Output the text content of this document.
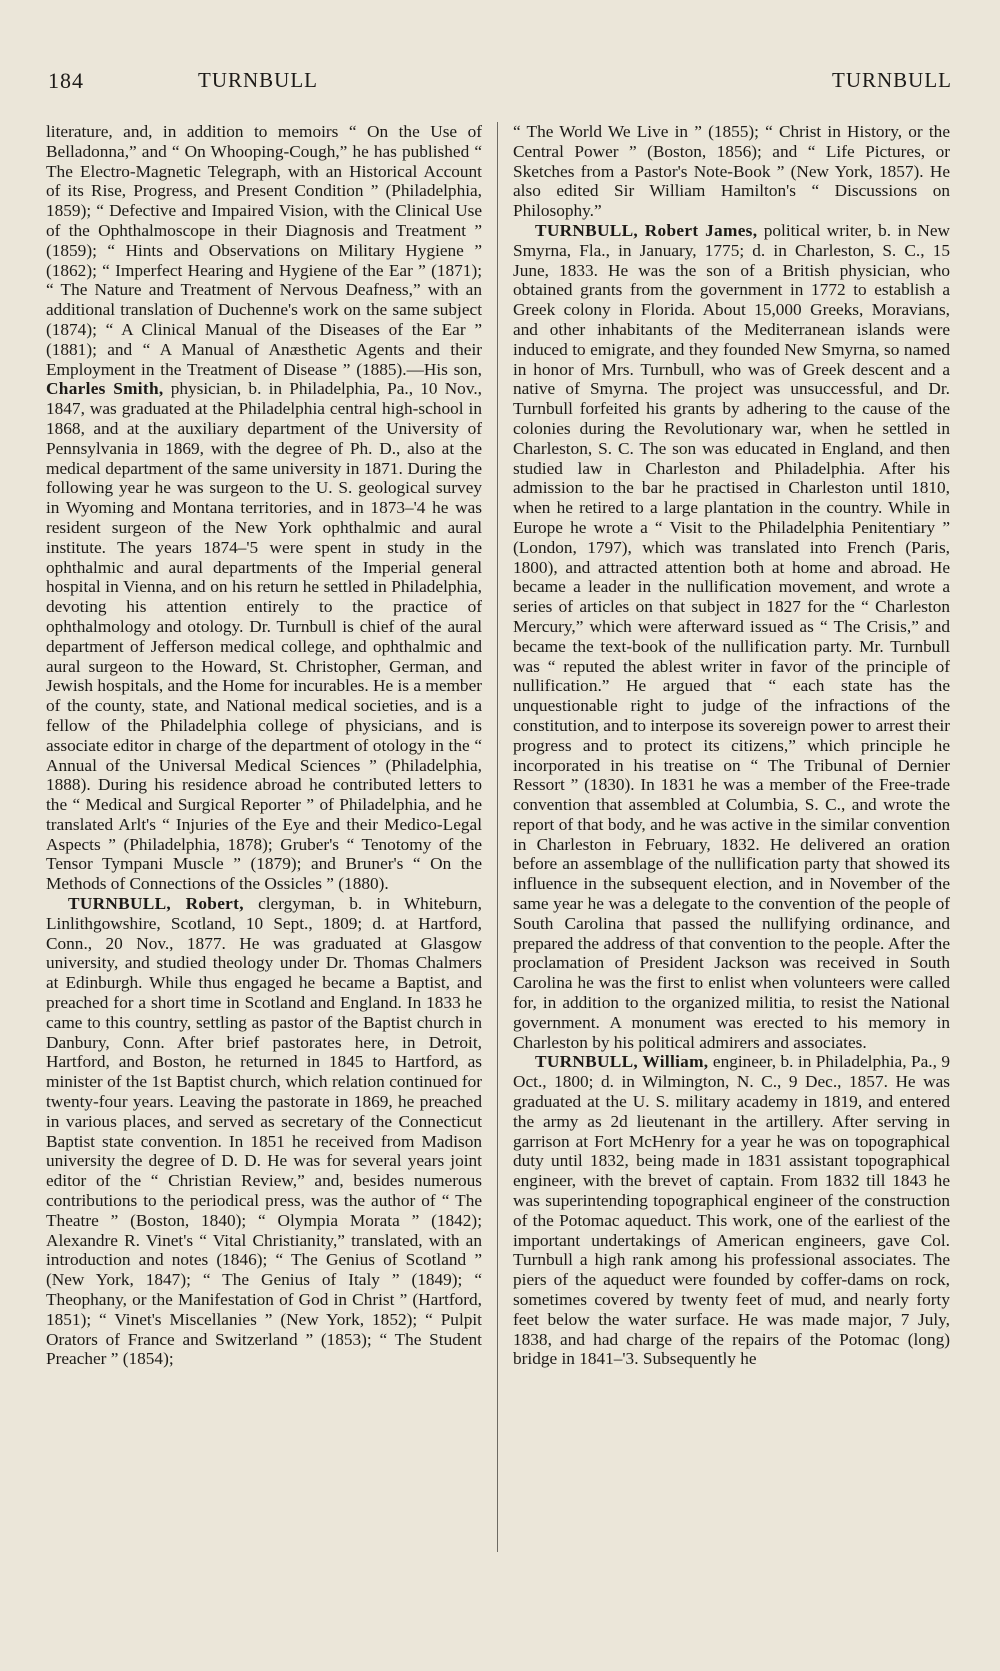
184	TURNBULL	TURNBULL

literature, and, in addition to memoirs “ On the Use of Belladonna,” and “ On Whooping-Cough,” he has published “ The Electro-Magnetic Telegraph, with an Historical Account of its Rise, Progress, and Present Condition ” (Philadelphia, 1859); “ Defective and Impaired Vision, with the Clinical Use of the Ophthalmoscope in their Diagnosis and Treatment ” (1859); “ Hints and Observations on Military Hygiene ” (1862); “ Imperfect Hearing and Hygiene of the Ear ” (1871); “ The Nature and Treatment of Nervous Deafness,” with an additional translation of Duchenne's work on the same subject (1874); “ A Clinical Manual of the Diseases of the Ear ” (1881); and “ A Manual of Anæsthetic Agents and their Employment in the Treatment of Disease ” (1885).—His son, Charles Smith, physician, b. in Philadelphia, Pa., 10 Nov., 1847, was graduated at the Philadelphia central high-school in 1868, and at the auxiliary department of the University of Pennsylvania in 1869, with the degree of Ph. D., also at the medical department of the same university in 1871. During the following year he was surgeon to the U. S. geological survey in Wyoming and Montana territories, and in 1873–'4 he was resident surgeon of the New York ophthalmic and aural institute. The years 1874–'5 were spent in study in the ophthalmic and aural departments of the Imperial general hospital in Vienna, and on his return he settled in Philadelphia, devoting his attention entirely to the practice of ophthalmology and otology. Dr. Turnbull is chief of the aural department of Jefferson medical college, and ophthalmic and aural surgeon to the Howard, St. Christopher, German, and Jewish hospitals, and the Home for incurables. He is a member of the county, state, and National medical societies, and is a fellow of the Philadelphia college of physicians, and is associate editor in charge of the department of otology in the “ Annual of the Universal Medical Sciences ” (Philadelphia, 1888). During his residence abroad he contributed letters to the “ Medical and Surgical Reporter ” of Philadelphia, and he translated Arlt's “ Injuries of the Eye and their Medico-Legal Aspects ” (Philadelphia, 1878); Gruber's “ Tenotomy of the Tensor Tympani Muscle ” (1879); and Bruner's “ On the Methods of Connections of the Ossicles ” (1880).

TURNBULL, Robert, clergyman, b. in Whiteburn, Linlithgowshire, Scotland, 10 Sept., 1809; d. at Hartford, Conn., 20 Nov., 1877. He was graduated at Glasgow university, and studied theology under Dr. Thomas Chalmers at Edinburgh. While thus engaged he became a Baptist, and preached for a short time in Scotland and England. In 1833 he came to this country, settling as pastor of the Baptist church in Danbury, Conn. After brief pastorates here, in Detroit, Hartford, and Boston, he returned in 1845 to Hartford, as minister of the 1st Baptist church, which relation continued for twenty-four years. Leaving the pastorate in 1869, he preached in various places, and served as secretary of the Connecticut Baptist state convention. In 1851 he received from Madison university the degree of D. D. He was for several years joint editor of the “ Christian Review,” and, besides numerous contributions to the periodical press, was the author of “ The Theatre ” (Boston, 1840); “ Olympia Morata ” (1842); Alexandre R. Vinet's “ Vital Christianity,” translated, with an introduction and notes (1846); “ The Genius of Scotland ” (New York, 1847); “ The Genius of Italy ” (1849); “ Theophany, or the Manifestation of God in Christ ” (Hartford, 1851); “ Vinet's Miscellanies ” (New York, 1852); “ Pulpit Orators of France and Switzerland ” (1853); “ The Student Preacher ” (1854);

“ The World We Live in ” (1855); “ Christ in History, or the Central Power ” (Boston, 1856); and “ Life Pictures, or Sketches from a Pastor's Note-Book ” (New York, 1857). He also edited Sir William Hamilton's “ Discussions on Philosophy.”

TURNBULL, Robert James, political writer, b. in New Smyrna, Fla., in January, 1775; d. in Charleston, S. C., 15 June, 1833. He was the son of a British physician, who obtained grants from the government in 1772 to establish a Greek colony in Florida. About 15,000 Greeks, Moravians, and other inhabitants of the Mediterranean islands were induced to emigrate, and they founded New Smyrna, so named in honor of Mrs. Turnbull, who was of Greek descent and a native of Smyrna. The project was unsuccessful, and Dr. Turnbull forfeited his grants by adhering to the cause of the colonies during the Revolutionary war, when he settled in Charleston, S. C. The son was educated in England, and then studied law in Charleston and Philadelphia. After his admission to the bar he practised in Charleston until 1810, when he retired to a large plantation in the country. While in Europe he wrote a “ Visit to the Philadelphia Penitentiary ” (London, 1797), which was translated into French (Paris, 1800), and attracted attention both at home and abroad. He became a leader in the nullification movement, and wrote a series of articles on that subject in 1827 for the “ Charleston Mercury,” which were afterward issued as “ The Crisis,” and became the text-book of the nullification party. Mr. Turnbull was “ reputed the ablest writer in favor of the principle of nullification.” He argued that “ each state has the unquestionable right to judge of the infractions of the constitution, and to interpose its sovereign power to arrest their progress and to protect its citizens,” which principle he incorporated in his treatise on “ The Tribunal of Dernier Ressort ” (1830). In 1831 he was a member of the Free-trade convention that assembled at Columbia, S. C., and wrote the report of that body, and he was active in the similar convention in Charleston in February, 1832. He delivered an oration before an assemblage of the nullification party that showed its influence in the subsequent election, and in November of the same year he was a delegate to the convention of the people of South Carolina that passed the nullifying ordinance, and prepared the address of that convention to the people. After the proclamation of President Jackson was received in South Carolina he was the first to enlist when volunteers were called for, in addition to the organized militia, to resist the National government. A monument was erected to his memory in Charleston by his political admirers and associates.

TURNBULL, William, engineer, b. in Philadelphia, Pa., 9 Oct., 1800; d. in Wilmington, N. C., 9 Dec., 1857. He was graduated at the U. S. military academy in 1819, and entered the army as 2d lieutenant in the artillery. After serving in garrison at Fort McHenry for a year he was on topographical duty until 1832, being made in 1831 assistant topographical engineer, with the brevet of captain. From 1832 till 1843 he was superintending topographical engineer of the construction of the Potomac aqueduct. This work, one of the earliest of the important undertakings of American engineers, gave Col. Turnbull a high rank among his professional associates. The piers of the aqueduct were founded by coffer-dams on rock, sometimes covered by twenty feet of mud, and nearly forty feet below the water surface. He was made major, 7 July, 1838, and had charge of the repairs of the Potomac (long) bridge in 1841–'3. Subsequently he
